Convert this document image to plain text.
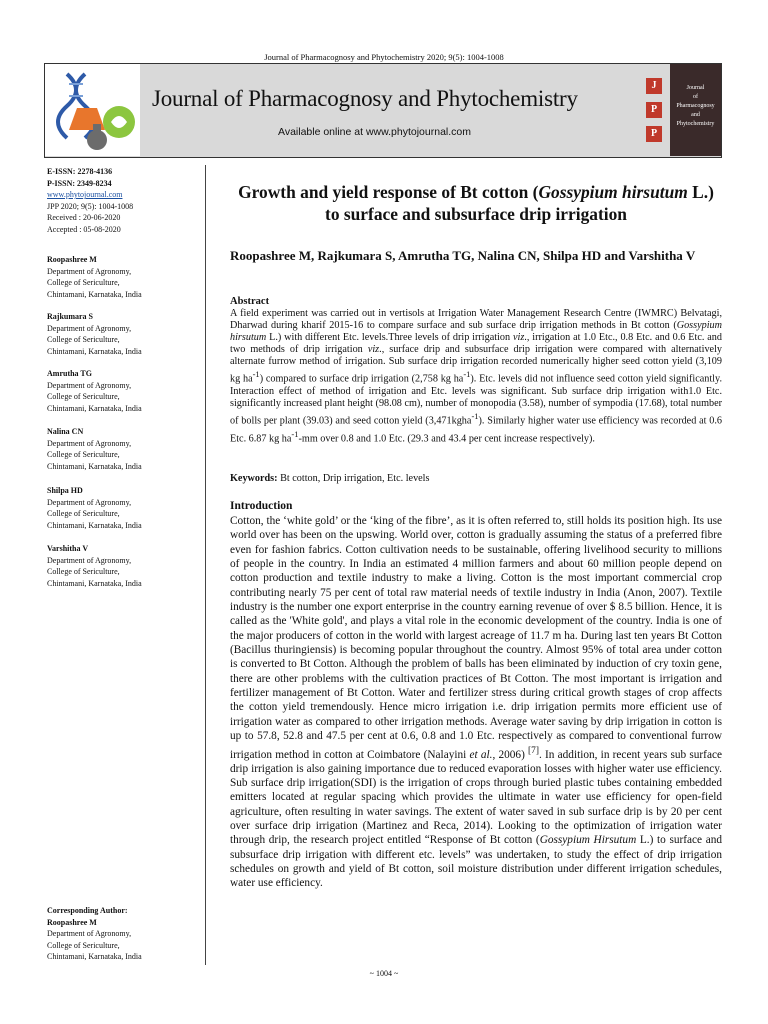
Journal of Pharmacognosy and Phytochemistry 2020; 9(5): 1004-1008
Journal of Pharmacognosy and Phytochemistry
Available online at www.phytojournal.com
J
P
P
Journal
of
Pharmacognosy
and
Phytochemistry
E-ISSN: 2278-4136
P-ISSN: 2349-8234
www.phytojournal.com
JPP 2020; 9(5): 1004-1008
Received : 20-06-2020
Accepted : 05-08-2020
Roopashree M
Department of Agronomy,
College of Sericulture,
Chintamani, Karnataka, India
Rajkumara S
Department of Agronomy,
College of Sericulture,
Chintamani, Karnataka, India
Amrutha TG
Department of Agronomy,
College of Sericulture,
Chintamani, Karnataka, India
Nalina CN
Department of Agronomy,
College of Sericulture,
Chintamani, Karnataka, India
Shilpa HD
Department of Agronomy,
College of Sericulture,
Chintamani, Karnataka, India
Varshitha V
Department of Agronomy,
College of Sericulture,
Chintamani, Karnataka, India
Corresponding Author:
Roopashree M
Department of Agronomy,
College of Sericulture,
Chintamani, Karnataka, India
Growth and yield response of Bt cotton (Gossypium hirsutum L.) to surface and subsurface drip irrigation
Roopashree M, Rajkumara S, Amrutha TG, Nalina CN, Shilpa HD and Varshitha V
Abstract
A field experiment was carried out in vertisols at Irrigation Water Management Research Centre (IWMRC) Belvatagi, Dharwad during kharif 2015-16 to compare surface and sub surface drip irrigation methods in Bt cotton (Gossypium hirsutum L.) with different Etc. levels.Three levels of drip irrigation viz., irrigation at 1.0 Etc., 0.8 Etc. and 0.6 Etc. and two methods of drip irrigation viz., surface drip and subsurface drip irrigation were compared with alternatively alternate furrow method of irrigation. Sub surface drip irrigation recorded numerically higher seed cotton yield (3,109 kg $ha^{-1}$) compared to surface drip irrigation (2,758 kg $ha^{-1}$). Etc. levels did not influence seed cotton yield significantly. Interaction effect of method of irrigation and Etc. levels was significant. Sub surface drip irrigation with1.0 Etc. significantly increased plant height (98.08 cm), number of monopodia (3.58), number of sympodia (17.68), total number of bolls per plant (39.03) and seed cotton yield (3,471kgha$^{-1}$). Similarly higher water use efficiency was recorded at 0.6 Etc. 6.87 kg $ha^{-1}-mm$ over 0.8 and 1.0 Etc. (29.3 and 43.4 per cent increase respectively).
Keywords: Bt cotton, Drip irrigation, Etc. levels
Introduction
Cotton, the ‘white gold’ or the ‘king of the fibre’, as it is often referred to, still holds its position high. Its use world over has been on the upswing. World over, cotton is gradually assuming the status of a preferred fibre even for fashion fabrics. Cotton cultivation needs to be sustainable, offering livelihood security to millions of people in the country. In India an estimated 4 million farmers and about 60 million people depend on cotton production and textile industry to make a living. Cotton is the most important commercial crop contributing nearly 75 per cent of total raw material needs of textile industry in India (Anon, 2007). Textile industry is the number one export enterprise in the country earning revenue of over $ 8.5 billion. Hence, it is called as the 'White gold', and plays a vital role in the economic development of the country. India is one of the major producers of cotton in the world with largest acreage of 11.7 m ha. During last ten years Bt Cotton (Bacillus thuringiensis) is becoming popular throughout the country. Almost 95% of total area under cotton is converted to Bt Cotton. Although the problem of balls has been eliminated by induction of cry toxin gene, there are other problems with the cultivation practices of Bt Cotton. The most important is irrigation and fertilizer management of Bt Cotton. Water and fertilizer stress during critical growth stages of crop affects the cotton yield tremendously. Hence micro irrigation i.e. drip irrigation permits more efficient use of irrigation water as compared to other irrigation methods. Average water saving by drip irrigation in cotton is up to 57.8, 52.8 and 47.5 per cent at 0.6, 0.8 and 1.0 Etc. respectively as compared to conventional furrow irrigation method in cotton at Coimbatore (Nalayini et al., 2006) [7]. In addition, in recent years sub surface drip irrigation is also gaining importance due to reduced evaporation losses with higher water use efficiency. Sub surface drip irrigation(SDI) is the irrigation of crops through buried plastic tubes containing embedded emitters located at regular spacing which provides the ultimate in water use efficiency for open-field agriculture, often resulting in water savings. The extent of water saved in sub surface drip is by 20 per cent over surface drip irrigation (Martinez and Reca, 2014). Looking to the optimization of irrigation water through drip, the research project entitled “Response of Bt cotton (Gossypium Hirsutum L.) to surface and subsurface drip irrigation with different etc. levels” was undertaken, to study the effect of drip irrigation schedules on growth and yield of Bt cotton, soil moisture distribution under different irrigation schedules, water use efficiency.
~ 1004 ~
